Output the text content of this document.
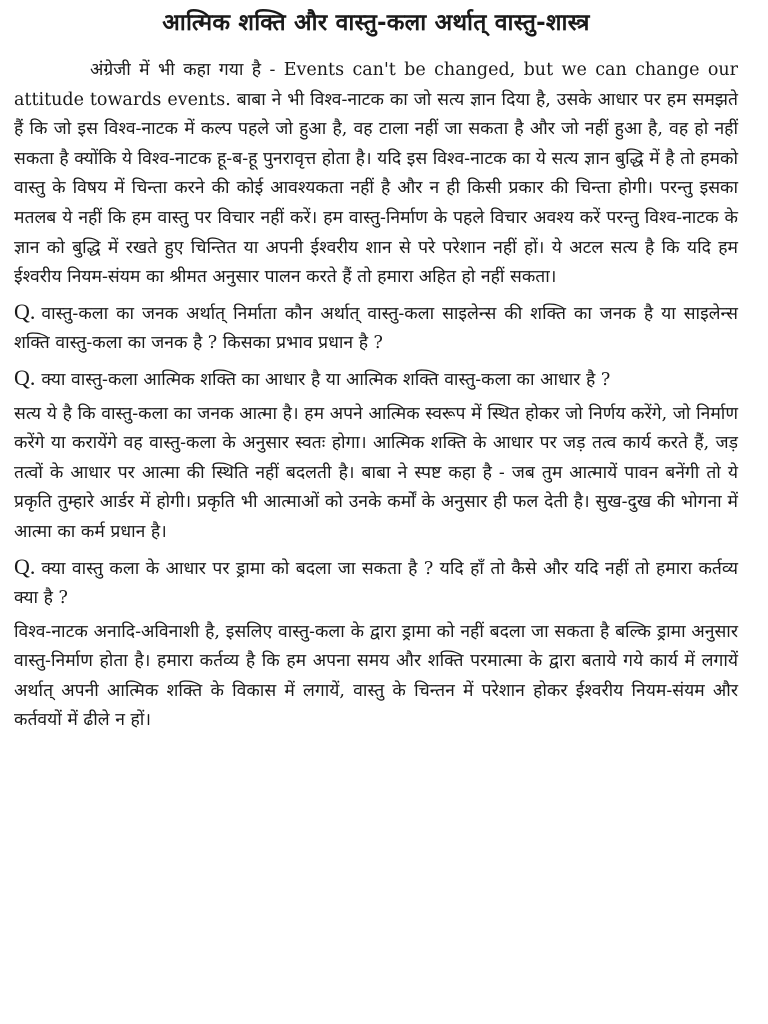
आत्मिक शक्ति और वास्तु-कला अर्थात् वास्तु-शास्त्र

अंग्रेजी में भी कहा गया है - Events can't be changed, but we can change our attitude towards events. बाबा ने भी विश्व-नाटक का जो सत्य ज्ञान दिया है, उसके आधार पर हम समझते हैं कि जो इस विश्व-नाटक में कल्प पहले जो हुआ है, वह टाला नहीं जा सकता है और जो नहीं हुआ है, वह हो नहीं सकता है क्योंकि ये विश्व-नाटक हू-ब-हू पुनरावृत्त होता है। यदि इस विश्व-नाटक का ये सत्य ज्ञान बुद्धि में है तो हमको वास्तु के विषय में चिन्ता करने की कोई आवश्यकता नहीं है और न ही किसी प्रकार की चिन्ता होगी। परन्तु इसका मतलब ये नहीं कि हम वास्तु पर विचार नहीं करें। हम वास्तु-निर्माण के पहले विचार अवश्य करें परन्तु विश्व-नाटक के ज्ञान को बुद्धि में रखते हुए चिन्तित या अपनी ईश्वरीय शान से परे परेशान नहीं हों। ये अटल सत्य है कि यदि हम ईश्वरीय नियम-संयम का श्रीमत अनुसार पालन करते हैं तो हमारा अहित हो नहीं सकता।

Q. वास्तु-कला का जनक अर्थात् निर्माता कौन अर्थात् वास्तु-कला साइलेन्स की शक्ति का जनक है या साइलेन्स शक्ति वास्तु-कला का जनक है ? किसका प्रभाव प्रधान है ?
Q. क्या वास्तु-कला आत्मिक शक्ति का आधार है या आत्मिक शक्ति वास्तु-कला का आधार है ?

सत्य ये है कि वास्तु-कला का जनक आत्मा है। हम अपने आत्मिक स्वरूप में स्थित होकर जो निर्णय करेंगे, जो निर्माण करेंगे या करायेंगे वह वास्तु-कला के अनुसार स्वतः होगा। आत्मिक शक्ति के आधार पर जड़ तत्व कार्य करते हैं, जड़ तत्वों के आधार पर आत्मा की स्थिति नहीं बदलती है। बाबा ने स्पष्ट कहा है - जब तुम आत्मायें पावन बनेंगी तो ये प्रकृति तुम्हारे आर्डर में होगी। प्रकृति भी आत्माओं को उनके कर्मों के अनुसार ही फल देती है। सुख-दुख की भोगना में आत्मा का कर्म प्रधान है।

Q. क्या वास्तु कला के आधार पर ड्रामा को बदला जा सकता है ? यदि हाँ तो कैसे और यदि नहीं तो हमारा कर्तव्य क्या है ?

विश्व-नाटक अनादि-अविनाशी है, इसलिए वास्तु-कला के द्वारा ड्रामा को नहीं बदला जा सकता है बल्कि ड्रामा अनुसार वास्तु-निर्माण होता है। हमारा कर्तव्य है कि हम अपना समय और शक्ति परमात्मा के द्वारा बताये गये कार्य में लगायें अर्थात् अपनी आत्मिक शक्ति के विकास में लगायें, वास्तु के चिन्तन में परेशान होकर ईश्वरीय नियम-संयम और कर्तवयों में ढीले न हों।
